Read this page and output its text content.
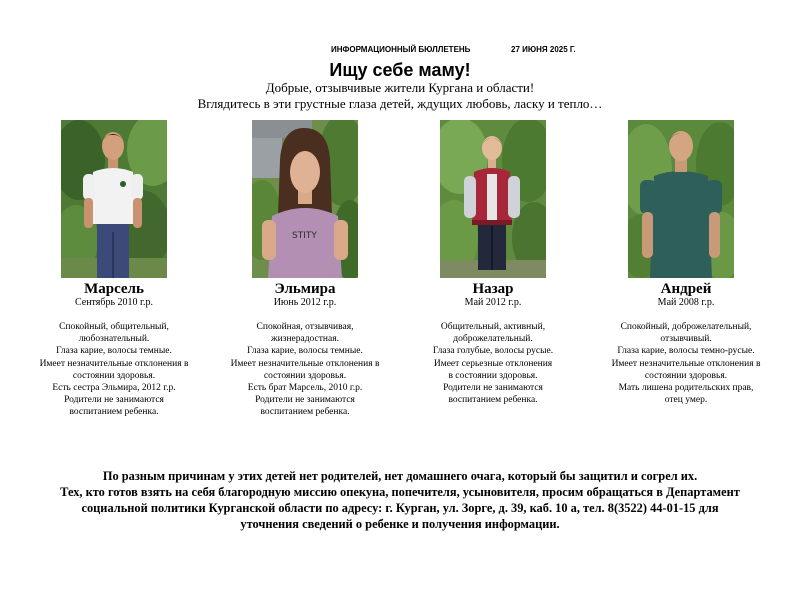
ИНФОРМАЦИОННЫЙ БЮЛЛЕТЕНЬ	27 ИЮНЯ 2025 Г.
Ищу себе маму!
Добрые, отзывчивые жители Кургана и области!
Вглядитесь в эти грустные глаза детей, ждущих любовь, ласку и тепло…
Марсель
Сентябрь 2010 г.р.
Спокойный, общительный,
любознательный.
Глаза карие, волосы темные.
Имеет незначительные отклонения в
состоянии здоровья.
Есть сестра Эльмира, 2012 г.р.
Родители не занимаются
воспитанием ребенка.
STITY
Эльмира
Июнь 2012 г.р.
Спокойная, отзывчивая,
жизнерадостная.
Глаза карие, волосы темные.
Имеет незначительные отклонения в
состоянии здоровья.
Есть брат Марсель, 2010 г.р.
Родители не занимаются
воспитанием ребенка.
Назар
Май 2012 г.р.
Общительный, активный,
доброжелательный.
Глаза голубые, волосы русые.
Имеет серьезные отклонения
в состоянии здоровья.
Родители не занимаются
воспитанием ребенка.
Андрей
Май 2008 г.р.
Спокойный, доброжелательный,
отзывчивый.
Глаза карие, волосы темно-русые.
Имеет незначительные отклонения в
состоянии здоровья.
Мать лишена родительских прав,
отец умер.
По разным причинам у этих детей нет родителей, нет домашнего очага, который бы защитил и согрел их.
Тех, кто готов взять на себя благородную миссию опекуна, попечителя, усыновителя, просим обращаться в Департамент
социальной политики Курганской области по адресу: г. Курган, ул. Зорге, д. 39, каб. 10 а, тел. 8(3522) 44-01-15 для
уточнения сведений о ребенке и получения информации.
